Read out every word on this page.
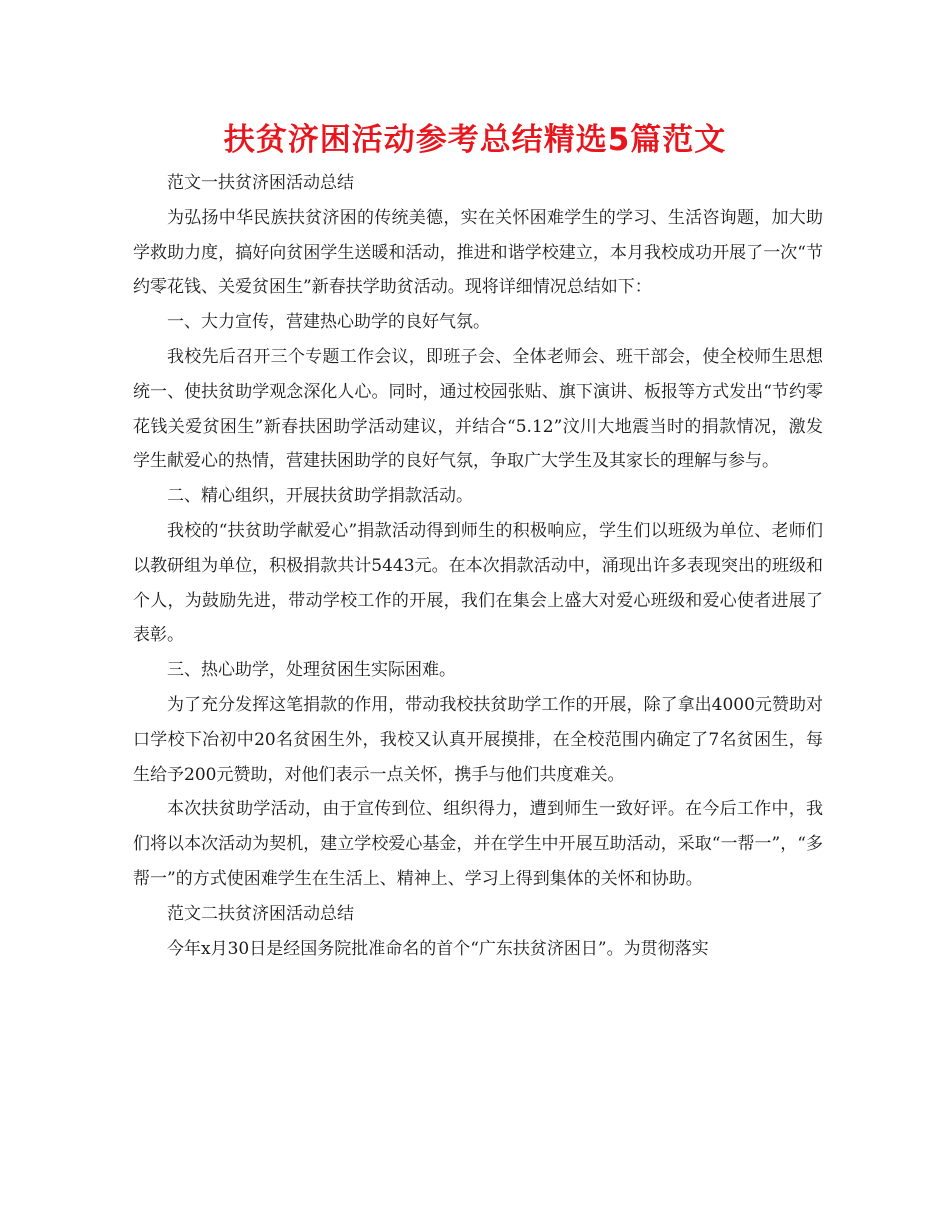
扶贫济困活动参考总结精选5篇范文

范文一扶贫济困活动总结

为弘扬中华民族扶贫济困的传统美德，实在关怀困难学生的学习、生活咨询题，加大助学救助力度，搞好向贫困学生送暖和活动，推进和谐学校建立，本月我校成功开展了一次“节约零花钱、关爱贫困生”新春扶学助贫活动。现将详细情况总结如下：

一、大力宣传，营建热心助学的良好气氛。

我校先后召开三个专题工作会议，即班子会、全体老师会、班干部会，使全校师生思想统一、使扶贫助学观念深化人心。同时，通过校园张贴、旗下演讲、板报等方式发出“节约零花钱关爱贫困生”新春扶困助学活动建议，并结合“5.12”汶川大地震当时的捐款情况，激发学生献爱心的热情，营建扶困助学的良好气氛，争取广大学生及其家长的理解与参与。

二、精心组织，开展扶贫助学捐款活动。

我校的“扶贫助学献爱心”捐款活动得到师生的积极响应，学生们以班级为单位、老师们以教研组为单位，积极捐款共计5443元。在本次捐款活动中，涌现出许多表现突出的班级和个人，为鼓励先进，带动学校工作的开展，我们在集会上盛大对爱心班级和爱心使者进展了表彰。

三、热心助学，处理贫困生实际困难。

为了充分发挥这笔捐款的作用，带动我校扶贫助学工作的开展，除了拿出4000元赞助对口学校下冶初中20名贫困生外，我校又认真开展摸排，在全校范围内确定了7名贫困生，每生给予200元赞助，对他们表示一点关怀，携手与他们共度难关。

本次扶贫助学活动，由于宣传到位、组织得力，遭到师生一致好评。在今后工作中，我们将以本次活动为契机，建立学校爱心基金，并在学生中开展互助活动，采取“一帮一”，“多帮一”的方式使困难学生在生活上、精神上、学习上得到集体的关怀和协助。

范文二扶贫济困活动总结

今年x月30日是经国务院批准命名的首个“广东扶贫济困日”。为贯彻落实
